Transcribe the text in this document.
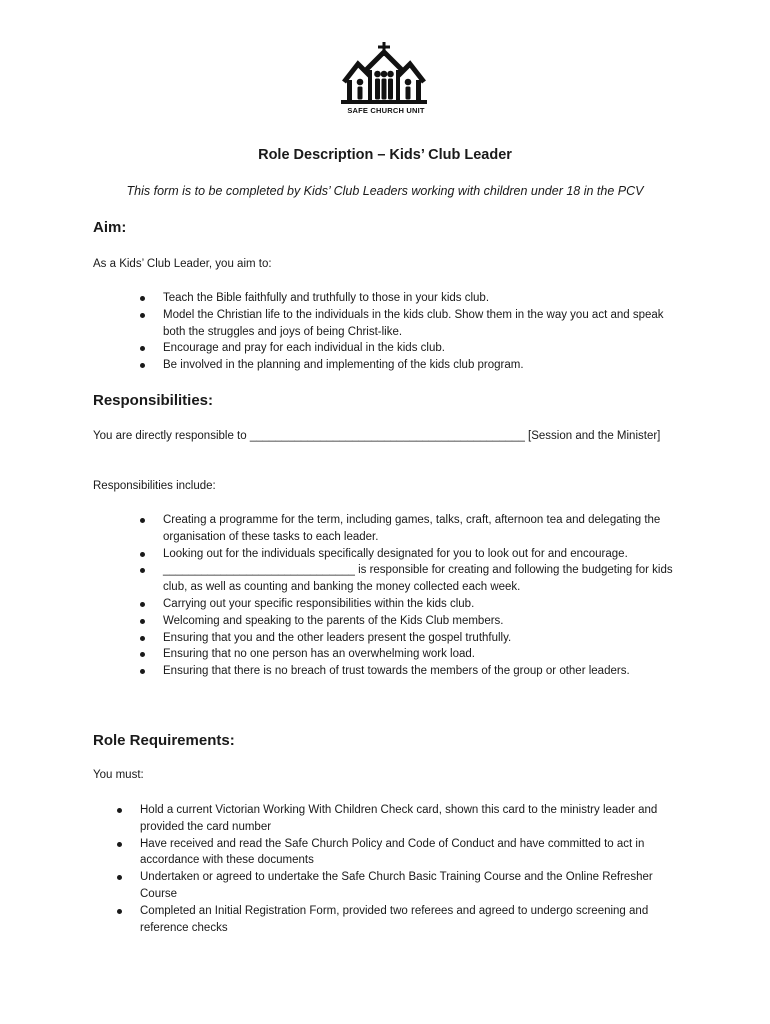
SAFE CHURCH UNIT
Role Description – Kids’ Club Leader
This form is to be completed by Kids’ Club Leaders working with children under 18 in the PCV
Aim:
As a Kids’ Club Leader, you aim to:
Teach the Bible faithfully and truthfully to those in your kids club.
Model the Christian life to the individuals in the kids club. Show them in the way you act and speak both the struggles and joys of being Christ-like.
Encourage and pray for each individual in the kids club.
Be involved in the planning and implementing of the kids club program.
Responsibilities:
You are directly responsible to ___________________________________________ [Session and the Minister]
Responsibilities include:
Creating a programme for the term, including games, talks, craft, afternoon tea and delegating the organisation of these tasks to each leader.
Looking out for the individuals specifically designated for you to look out for and encourage.
______________________________ is responsible for creating and following the budgeting for kids club, as well as counting and banking the money collected each week.
Carrying out your specific responsibilities within the kids club.
Welcoming and speaking to the parents of the Kids Club members.
Ensuring that you and the other leaders present the gospel truthfully.
Ensuring that no one person has an overwhelming work load.
Ensuring that there is no breach of trust towards the members of the group or other leaders.
Role Requirements:
You must:
Hold a current Victorian Working With Children Check card, shown this card to the ministry leader and provided the card number
Have received and read the Safe Church Policy and Code of Conduct and have committed to act in accordance with these documents
Undertaken or agreed to undertake the Safe Church Basic Training Course and the Online Refresher Course
Completed an Initial Registration Form, provided two referees and agreed to undergo screening and reference checks
